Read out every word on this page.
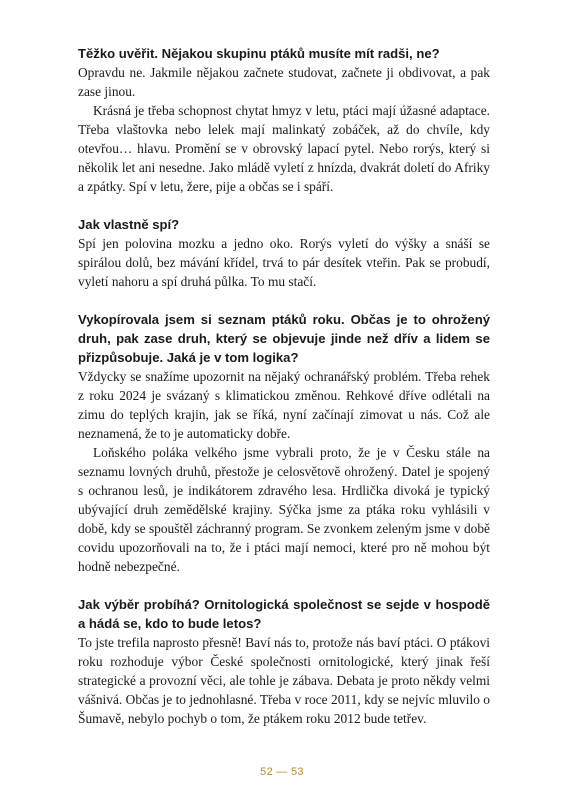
Těžko uvěřit. Nějakou skupinu ptáků musíte mít radši, ne?

Opravdu ne. Jakmile nějakou začnete studovat, začnete ji obdivovat, a pak zase jinou.

Krásná je třeba schopnost chytat hmyz v letu, ptáci mají úžasné adaptace. Třeba vlaštovka nebo lelek mají malinkatý zobáček, až do chvíle, kdy otevřou… hlavu. Promění se v obrovský lapací pytel. Nebo rorýs, který si několik let ani nesedne. Jako mládě vyletí z hnízda, dvakrát doletí do Afriky a zpátky. Spí v letu, žere, pije a občas se i spáří.

Jak vlastně spí?

Spí jen polovina mozku a jedno oko. Rorýs vyletí do výšky a snáší se spirálou dolů, bez mávání křídel, trvá to pár desítek vteřin. Pak se probudí, vyletí nahoru a spí druhá půlka. To mu stačí.

Vykopírovala jsem si seznam ptáků roku. Občas je to ohrožený druh, pak zase druh, který se objevuje jinde než dřív a lidem se přizpůsobuje. Jaká je v tom logika?

Vždycky se snažíme upozornit na nějaký ochranářský problém. Třeba rehek z roku 2024 je svázaný s klimatickou změnou. Rehkové dříve odlétali na zimu do teplých krajin, jak se říká, nyní začínají zimovat u nás. Což ale neznamená, že to je automaticky dobře.

Loňského poláka velkého jsme vybrali proto, že je v Česku stále na seznamu lovných druhů, přestože je celosvětově ohrožený. Datel je spojený s ochranou lesů, je indikátorem zdravého lesa. Hrdlička divoká je typický ubývající druh zemědělské krajiny. Sýčka jsme za ptáka roku vyhlásili v době, kdy se spouštěl záchranný program. Se zvonkem zeleným jsme v době covidu upozorňovali na to, že i ptáci mají nemoci, které pro ně mohou být hodně nebezpečné.

Jak výběr probíhá? Ornitologická společnost se sejde v hospodě a hádá se, kdo to bude letos?

To jste trefila naprosto přesně! Baví nás to, protože nás baví ptáci. O ptákovi roku rozhoduje výbor České společnosti ornitologické, který jinak řeší strategické a provozní věci, ale tohle je zábava. Debata je proto někdy velmi vášnivá. Občas je to jednohlasné. Třeba v roce 2011, kdy se nejvíc mluvilo o Šumavě, nebylo pochyb o tom, že ptákem roku 2012 bude tetřev.

52 — 53
